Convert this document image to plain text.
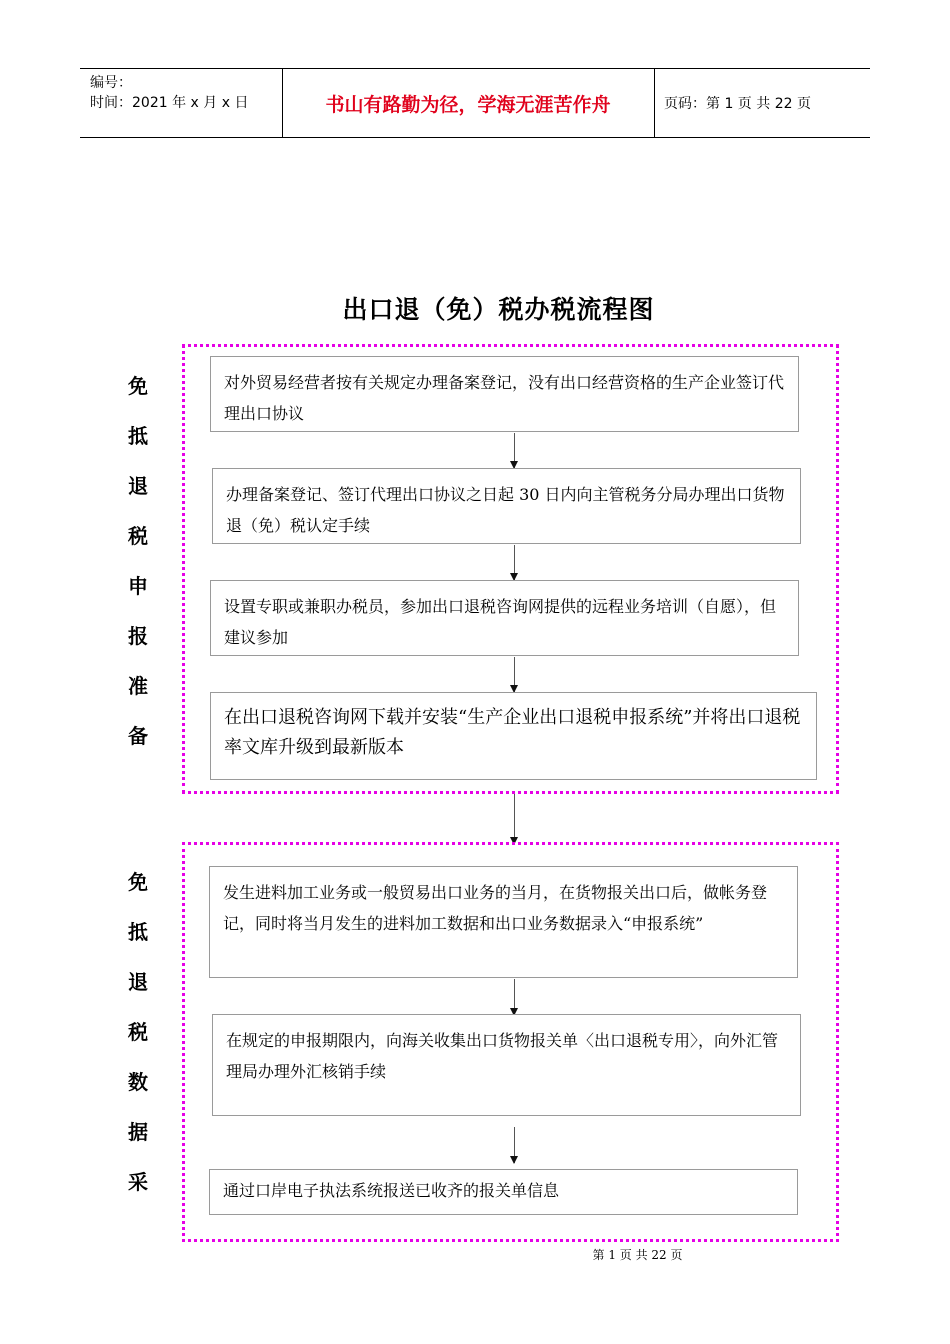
编号：
时间：2021 年 x 月 x 日	书山有路勤为径，学海无涯苦作舟	页码：第 1 页 共 22 页
出口退（免）税办税流程图
免
抵
退
税
申
报
准
备
对外贸易经营者按有关规定办理备案登记，没有出口经营资格的生产企业签订代理出口协议
办理备案登记、签订代理出口协议之日起 30 日内向主管税务分局办理出口货物退（免）税认定手续
设置专职或兼职办税员，参加出口退税咨询网提供的远程业务培训（自愿），但建议参加
在出口退税咨询网下载并安装“生产企业出口退税申报系统”并将出口退税率文库升级到最新版本
免
抵
退
税
数
据
采
发生进料加工业务或一般贸易出口业务的当月，在货物报关出口后，做帐务登记，同时将当月发生的进料加工数据和出口业务数据录入“申报系统”
在规定的申报期限内，向海关收集出口货物报关单〈出口退税专用〉，向外汇管理局办理外汇核销手续
通过口岸电子执法系统报送已收齐的报关单信息
第 1 页 共 22 页
